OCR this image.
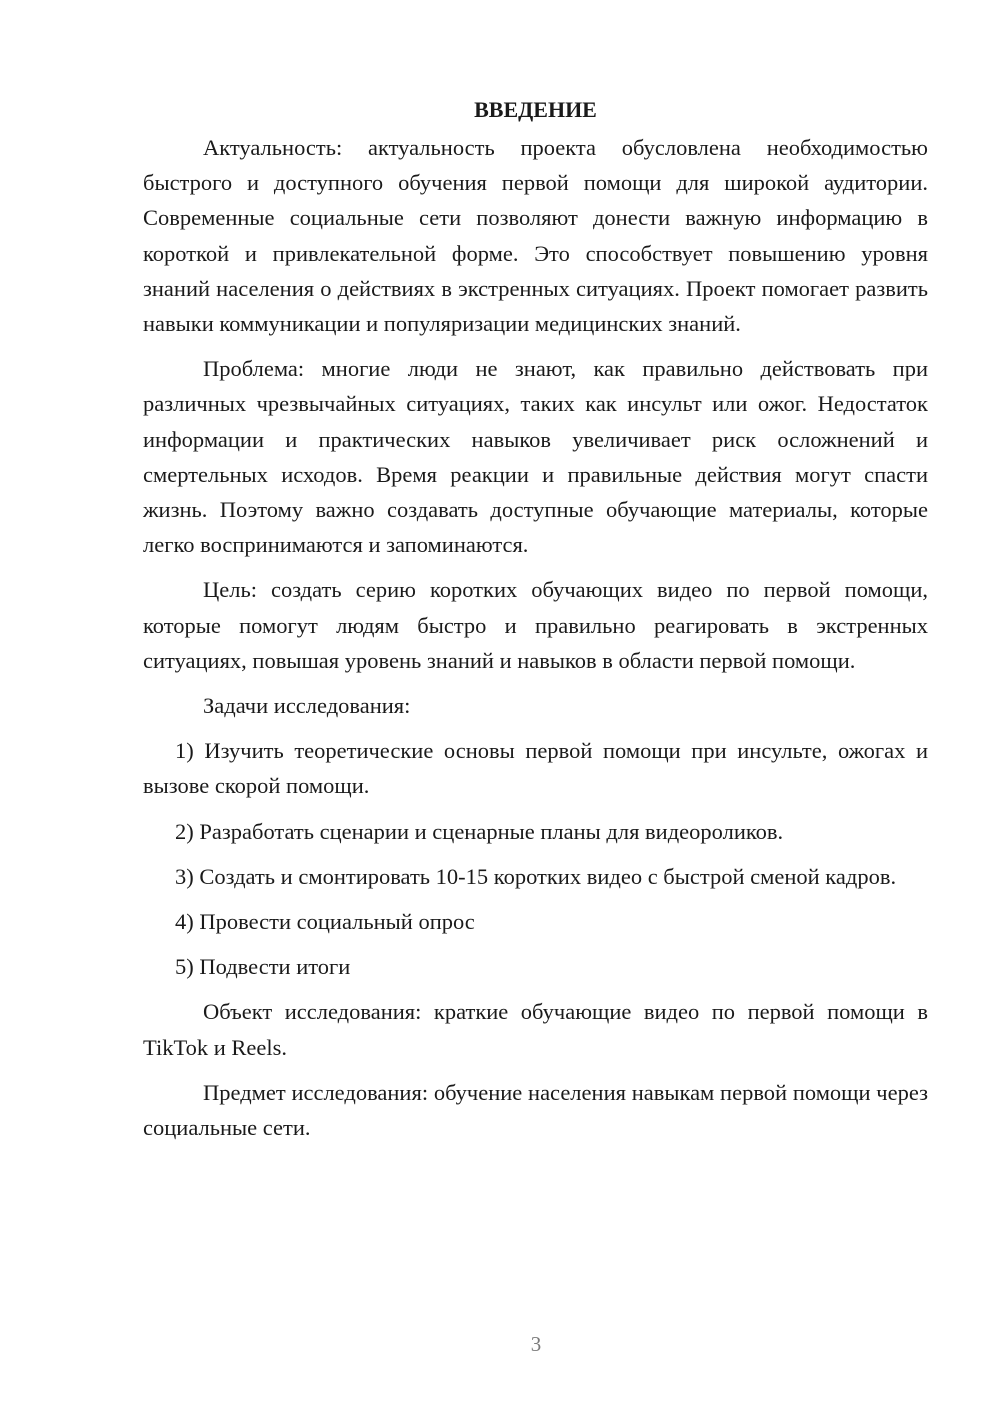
ВВЕДЕНИЕ

Актуальность: актуальность проекта обусловлена необходимостью быстрого и доступного обучения первой помощи для широкой аудитории. Современные социальные сети позволяют донести важную информацию в короткой и привлекательной форме. Это способствует повышению уровня знаний населения о действиях в экстренных ситуациях. Проект помогает развить навыки коммуникации и популяризации медицинских знаний.

Проблема: многие люди не знают, как правильно действовать при различных чрезвычайных ситуациях, таких как инсульт или ожог. Недостаток информации и практических навыков увеличивает риск осложнений и смертельных исходов. Время реакции и правильные действия могут спасти жизнь. Поэтому важно создавать доступные обучающие материалы, которые легко воспринимаются и запоминаются.

Цель: создать серию коротких обучающих видео по первой помощи, которые помогут людям быстро и правильно реагировать в экстренных ситуациях, повышая уровень знаний и навыков в области первой помощи.

Задачи исследования:

1) Изучить теоретические основы первой помощи при инсульте, ожогах и вызове скорой помощи.

2) Разработать сценарии и сценарные планы для видеороликов.

3) Создать и смонтировать 10-15 коротких видео с быстрой сменой кадров.

4) Провести социальный опрос

5) Подвести итоги

Объект исследования: краткие обучающие видео по первой помощи в TikTok и Reels.

Предмет исследования: обучение населения навыкам первой помощи через социальные сети.

3
